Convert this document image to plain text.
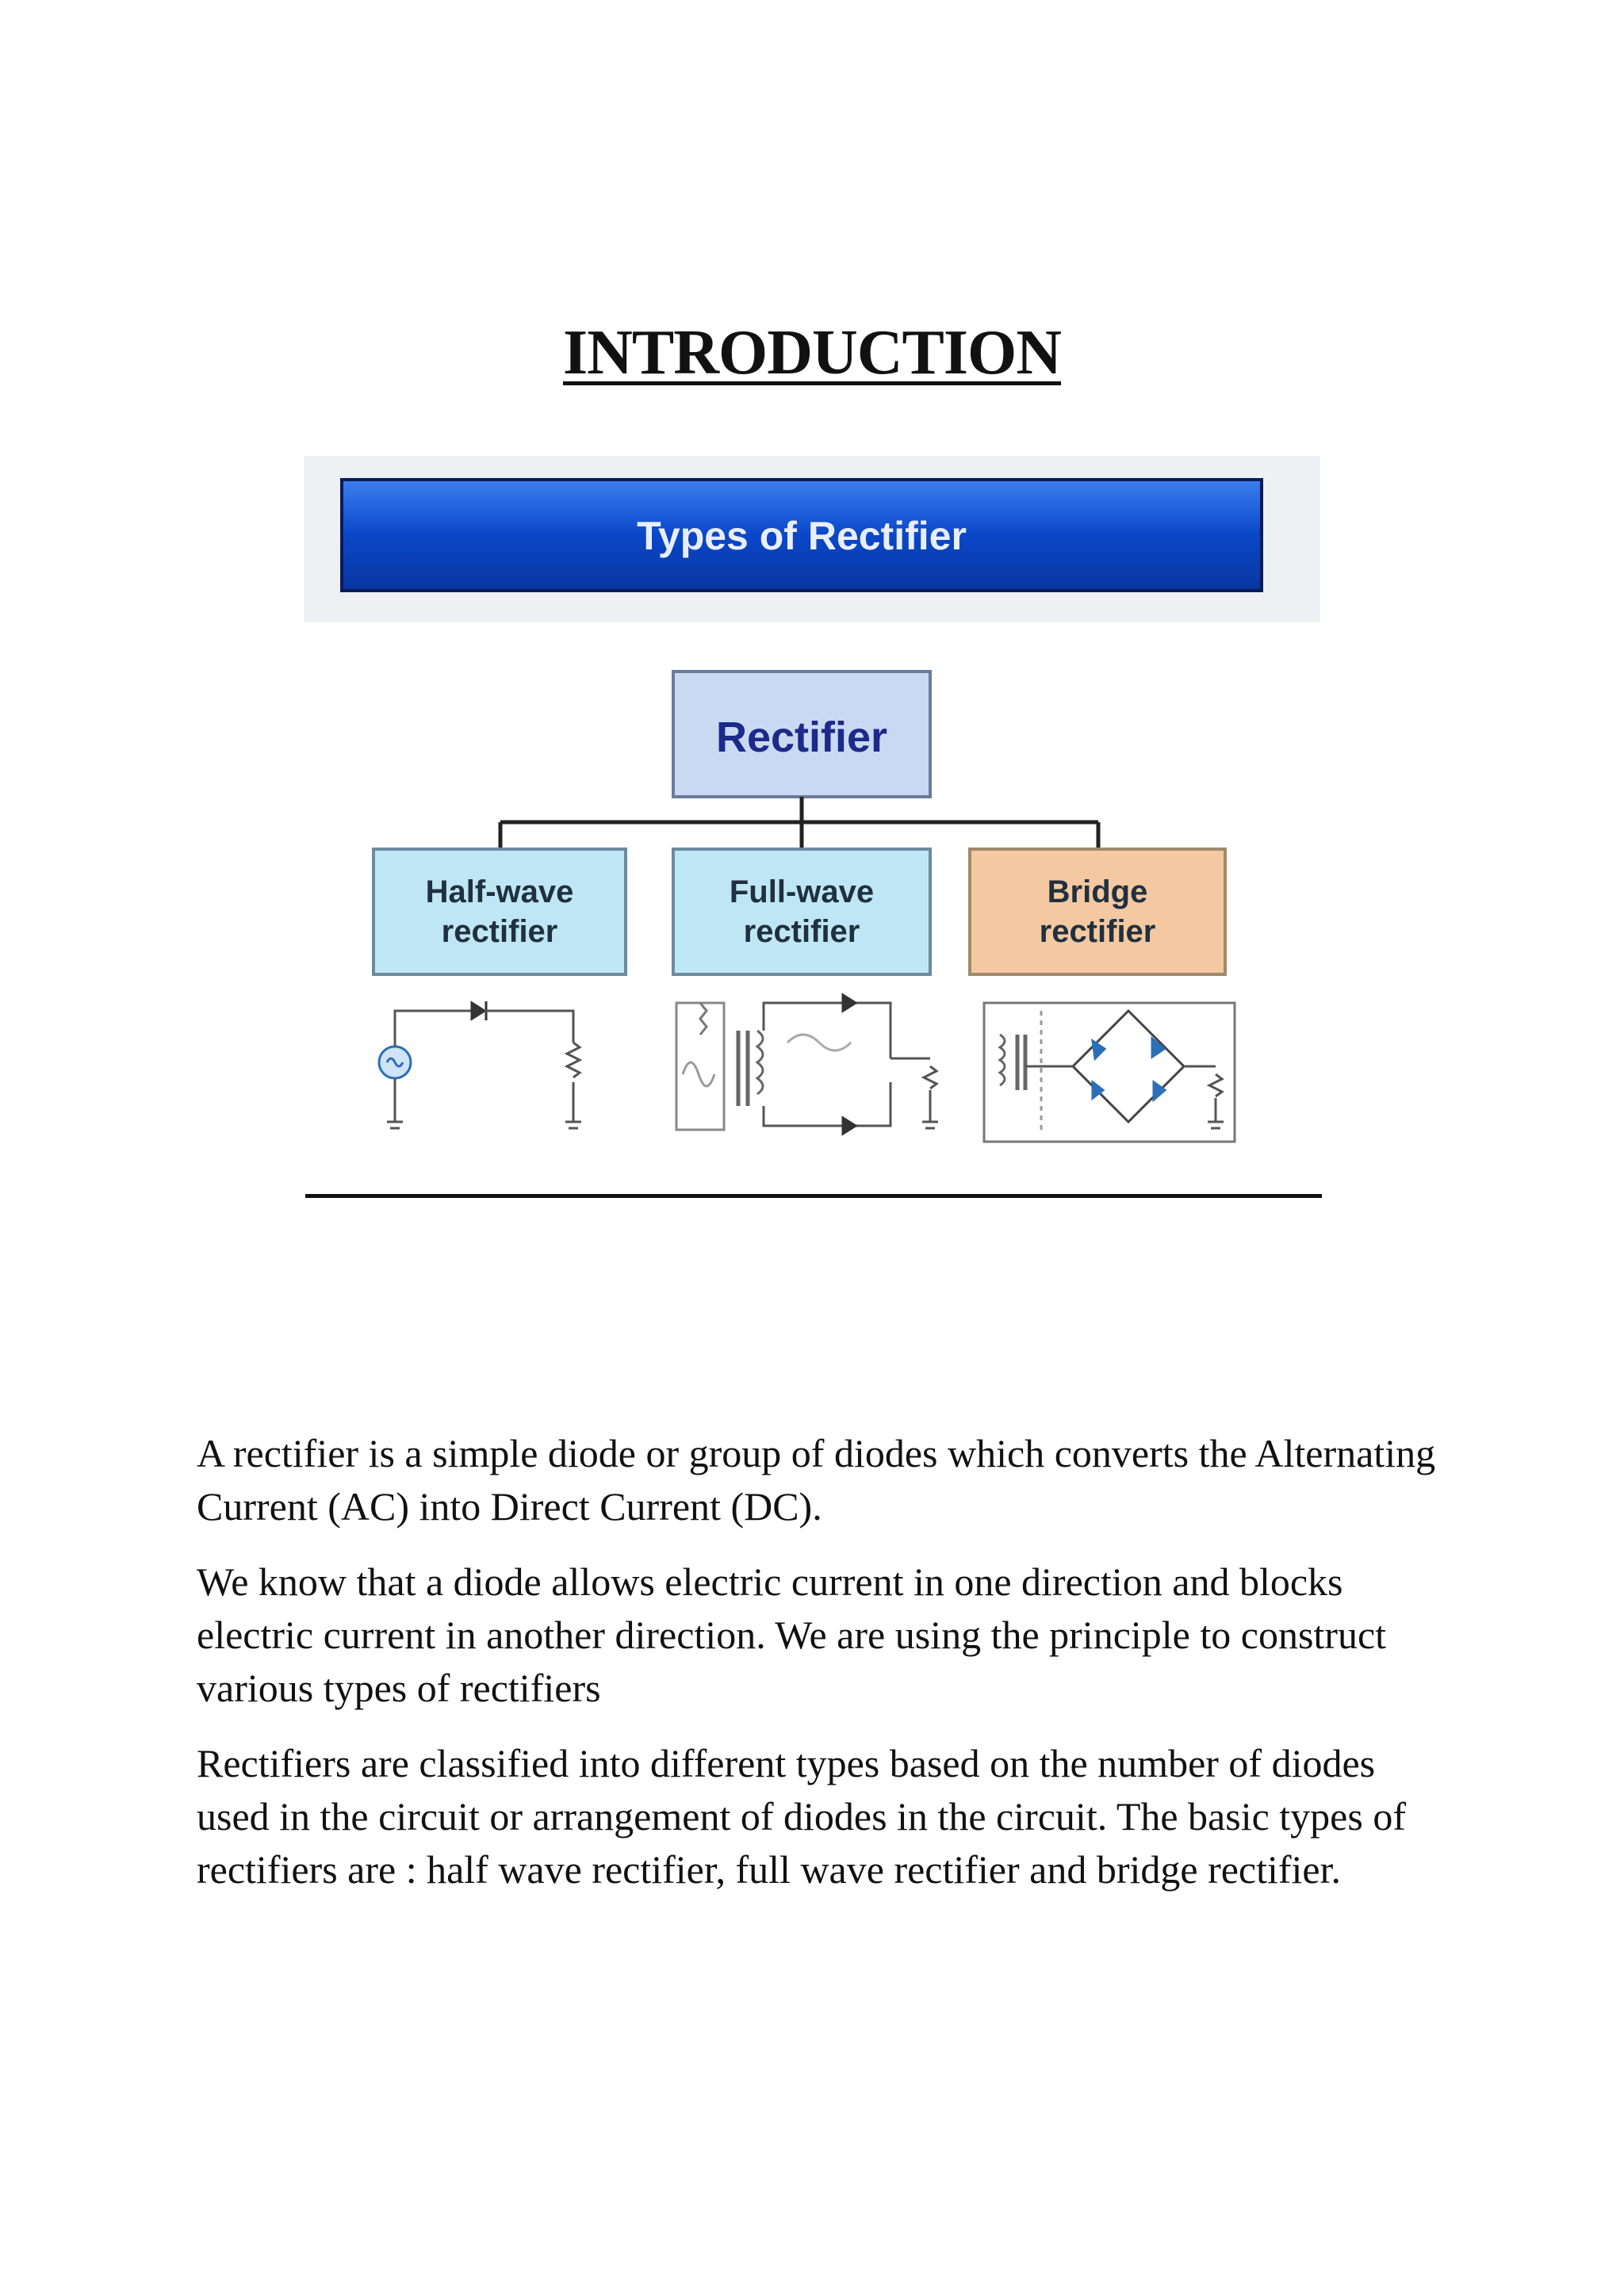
INTRODUCTION
Types of Rectifier
Rectifier
Half-wave
rectifier
Full-wave
rectifier
Bridge
rectifier

A rectifier is a simple diode or group of diodes which converts the Alternating Current (AC) into Direct Current (DC).

We know that a diode allows electric current in one direction and blocks electric current in another direction. We are using the principle to construct various types of rectifiers

Rectifiers are classified into different types based on the number of diodes used in the circuit or arrangement of diodes in the circuit. The basic types of rectifiers are : half wave rectifier, full wave rectifier and bridge rectifier.
